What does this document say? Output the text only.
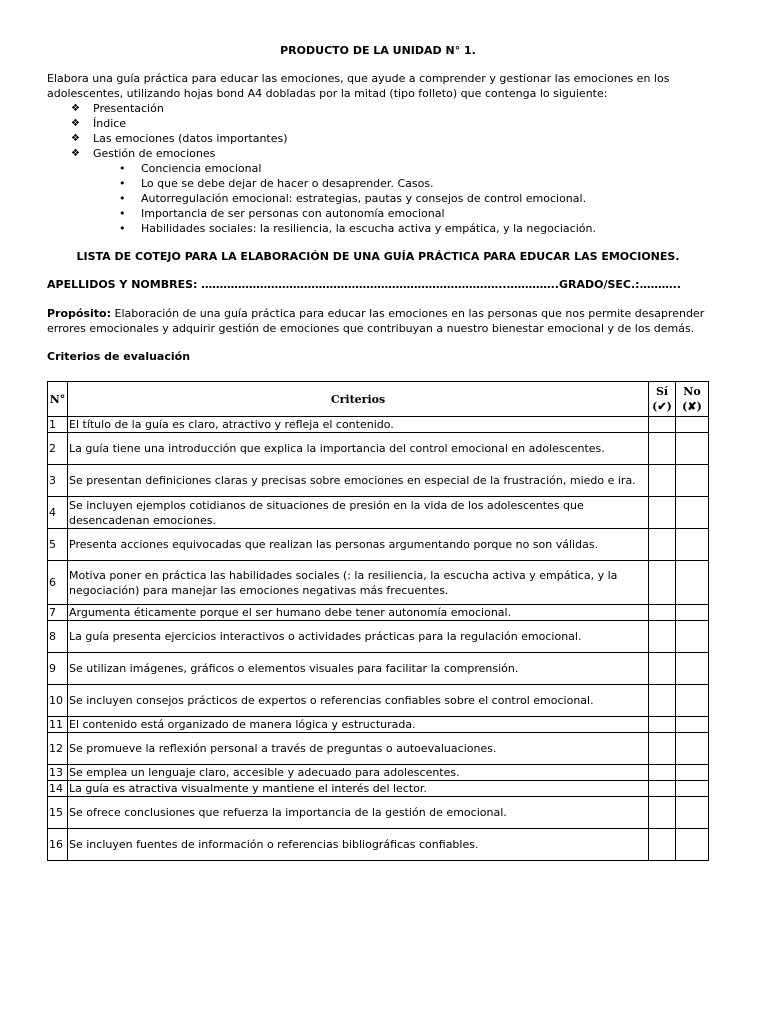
PRODUCTO DE LA UNIDAD N° 1.

Elabora una guía práctica para educar las emociones, que ayude a comprender y gestionar las emociones en los adolescentes, utilizando hojas bond A4 dobladas por la mitad (tipo folleto) que contenga lo siguiente:

❖ Presentación
❖ Índice
❖ Las emociones (datos importantes)
❖ Gestión de emociones
• Conciencia emocional
• Lo que se debe dejar de hacer o desaprender. Casos.
• Autorregulación emocional: estrategias, pautas y consejos de control emocional.
• Importancia de ser personas con autonomía emocional
• Habilidades sociales: la resiliencia, la escucha activa y empática, y la negociación.
LISTA DE COTEJO PARA LA ELABORACIÓN DE UNA GUÍA PRÁCTICA PARA EDUCAR LAS EMOCIONES.
APELLIDOS Y NOMBRES: ………………………………………………………………………..…………..GRADO/SEC.:………..

Propósito: Elaboración de una guía práctica para educar las emociones en las personas que nos permite desaprender errores emocionales y adquirir gestión de emociones que contribuyan a nuestro bienestar emocional y de los demás.

Criterios de evaluación
N°	Criterios	Sí (✔)	No (✘)
1	El título de la guía es claro, atractivo y refleja el contenido.		
2	La guía tiene una introducción que explica la importancia del control emocional en adolescentes.		
3	Se presentan definiciones claras y precisas sobre emociones en especial de la frustración, miedo e ira.		
4	Se incluyen ejemplos cotidianos de situaciones de presión en la vida de los adolescentes que desencadenan emociones.		
5	Presenta acciones equivocadas que realizan las personas argumentando porque no son válidas.		
6	Motiva poner en práctica las habilidades sociales (: la resiliencia, la escucha activa y empática, y la negociación) para manejar las emociones negativas más frecuentes.		
7	Argumenta éticamente porque el ser humano debe tener autonomía emocional.		
8	La guía presenta ejercicios interactivos o actividades prácticas para la regulación emocional.		
9	Se utilizan imágenes, gráficos o elementos visuales para facilitar la comprensión.		
10	Se incluyen consejos prácticos de expertos o referencias confiables sobre el control emocional.		
11	El contenido está organizado de manera lógica y estructurada.		
12	Se promueve la reflexión personal a través de preguntas o autoevaluaciones.		
13	Se emplea un lenguaje claro, accesible y adecuado para adolescentes.		
14	La guía es atractiva visualmente y mantiene el interés del lector.		
15	Se ofrece conclusiones que refuerza la importancia de la gestión de emocional.		
16	Se incluyen fuentes de información o referencias bibliográficas confiables.		
